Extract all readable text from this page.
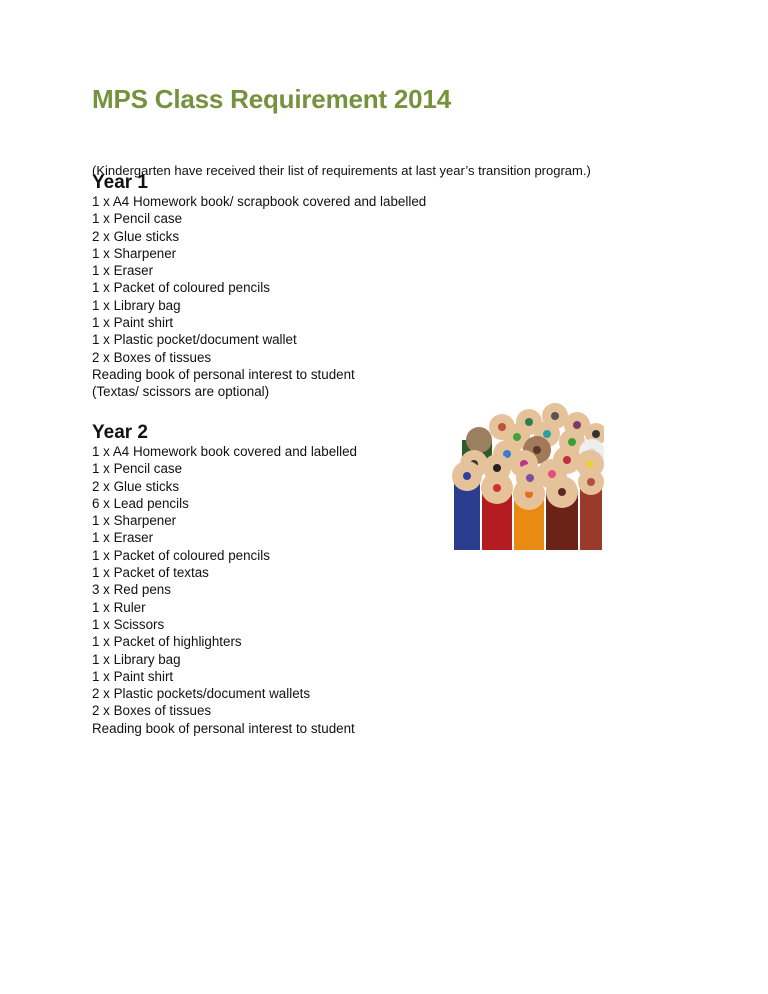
MPS Class Requirement 2014

(Kindergarten have received their list of requirements at last year’s transition program.)

Year 1
1 x A4 Homework book/ scrapbook covered and labelled
1 x Pencil case
2 x Glue sticks
1 x Sharpener
1 x Eraser
1 x Packet of coloured pencils
1 x Library bag
1 x Paint shirt
1 x Plastic pocket/document wallet
2 x Boxes of tissues
Reading book of personal interest to student
(Textas/ scissors are optional)
Year 2
1 x A4 Homework book covered and labelled
1 x Pencil case
2 x Glue sticks
6 x Lead pencils
1 x Sharpener
1 x Eraser
1 x Packet of coloured pencils
1 x Packet of textas
3 x Red pens
1 x Ruler
1 x Scissors
1 x Packet of highlighters
1 x Library bag
1 x Paint shirt
2 x Plastic pockets/document wallets
2 x Boxes of tissues
Reading book of personal interest to student
